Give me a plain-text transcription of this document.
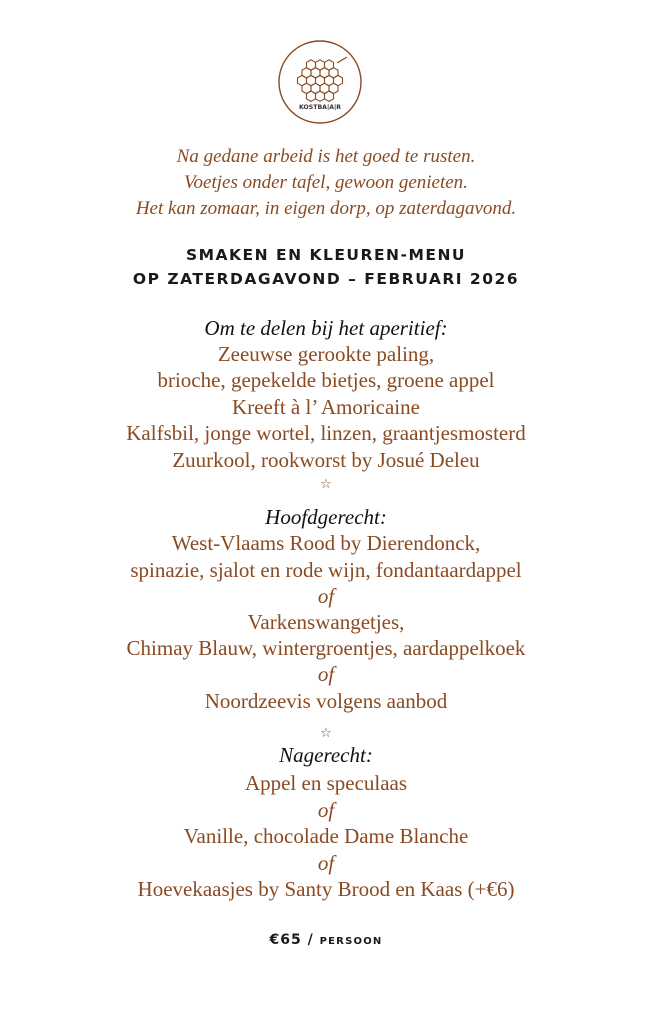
KOSTBA|A|R
Na gedane arbeid is het goed te rusten.
Voetjes onder tafel, gewoon genieten.
Het kan zomaar, in eigen dorp, op zaterdagavond.
SMAKEN EN KLEUREN-MENU
OP ZATERDAGAVOND – FEBRUARI 2026
Om te delen bij het aperitief:
Zeeuwse gerookte paling,
brioche, gepekelde bietjes, groene appel
Kreeft à l’ Amoricaine
Kalfsbil, jonge wortel, linzen, graantjesmosterd
Zuurkool, rookworst by Josué Deleu
☆
Hoofdgerecht:
West-Vlaams Rood by Dierendonck,
spinazie, sjalot en rode wijn, fondantaardappel
of
Varkenswangetjes,
Chimay Blauw, wintergroentjes, aardappelkoek
of
Noordzeevis volgens aanbod
☆
Nagerecht:
Appel en speculaas
of
Vanille, chocolade Dame Blanche
of
Hoevekaasjes by Santy Brood en Kaas (+€6)
€65 / persoon
